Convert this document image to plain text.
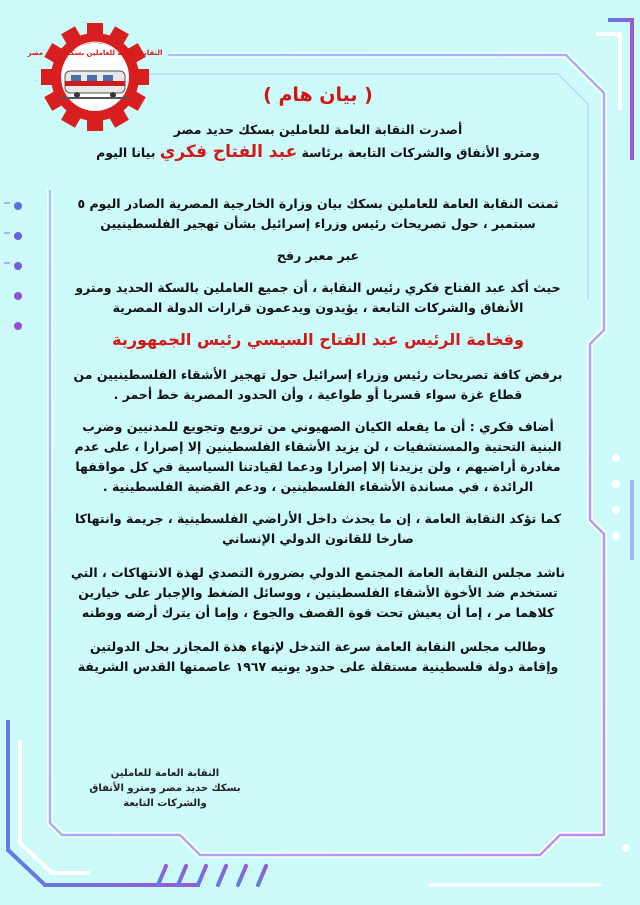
النقابة العامة للعاملين بسكك حديد مصر
( بيان هام )

أصدرت النقابة العامة للعاملين بسكك حديد مصر

ومترو الأنفاق والشركات التابعة برئاسة عبد الفتاح فكري بيانا اليوم

ثمنت النقابة العامة للعاملين بسكك بيان وزارة الخارجية المصرية الصادر اليوم ٥ سبتمبر ، حول تصريحات رئيس وزراء إسرائيل بشأن تهجير الفلسطينيين

عبر معبر رفح

حيث أكد عبد الفتاح فكري رئيس النقابة ، أن جميع العاملين بالسكة الحديد ومترو الأنفاق والشركات التابعة ، يؤيدون ويدعمون قرارات الدولة المصرية

وفخامة الرئيس عبد الفتاح السيسي رئيس الجمهورية

برفض كافة تصريحات رئيس وزراء إسرائيل حول تهجير الأشقاء الفلسطينيين من قطاع غزة سواء قسريا أو طواعية ، وأن الحدود المصرية خط أحمر .

أضاف فكري : أن ما يفعله الكيان الصهيوني من ترويع وتجويع للمدنيين وضرب البنية التحتية والمستشفيات ، لن يزيد الأشقاء الفلسطينين إلا إصرارا ، على عدم مغادرة أراضيهم ، ولن يزيدنا إلا إصرارا ودعما لقيادتنا السياسية في كل مواقفها الرائدة ، في مساندة الأشقاء الفلسطينين ، ودعم القضية الفلسطينية .

كما تؤكد النقابة العامة ، إن ما يحدث داخل الأراضي الفلسطينية ، جريمة وانتهاكا صارخا للقانون الدولي الإنساني

ناشد مجلس النقابة العامة المجتمع الدولي بضرورة التصدي لهذة الانتهاكات ، التي تستخدم ضد الأخوة الأشقاء الفلسطينين ، ووسائل الضغط والإجبار على خيارين كلاهما مر ، إما أن يعيش تحت قوة القصف والجوع ، وإما أن يترك أرضه ووطنه

وطالب مجلس النقابة العامة سرعة التدخل لإنهاء هذة المجازر بحل الدولتين وإقامة دولة فلسطينية مستقلة على حدود يونيه ١٩٦٧ عاصمتها القدس الشريفة

النقابة العامة للعاملين
بسكك حديد مصر ومترو الأنفاق
والشركات التابعة
